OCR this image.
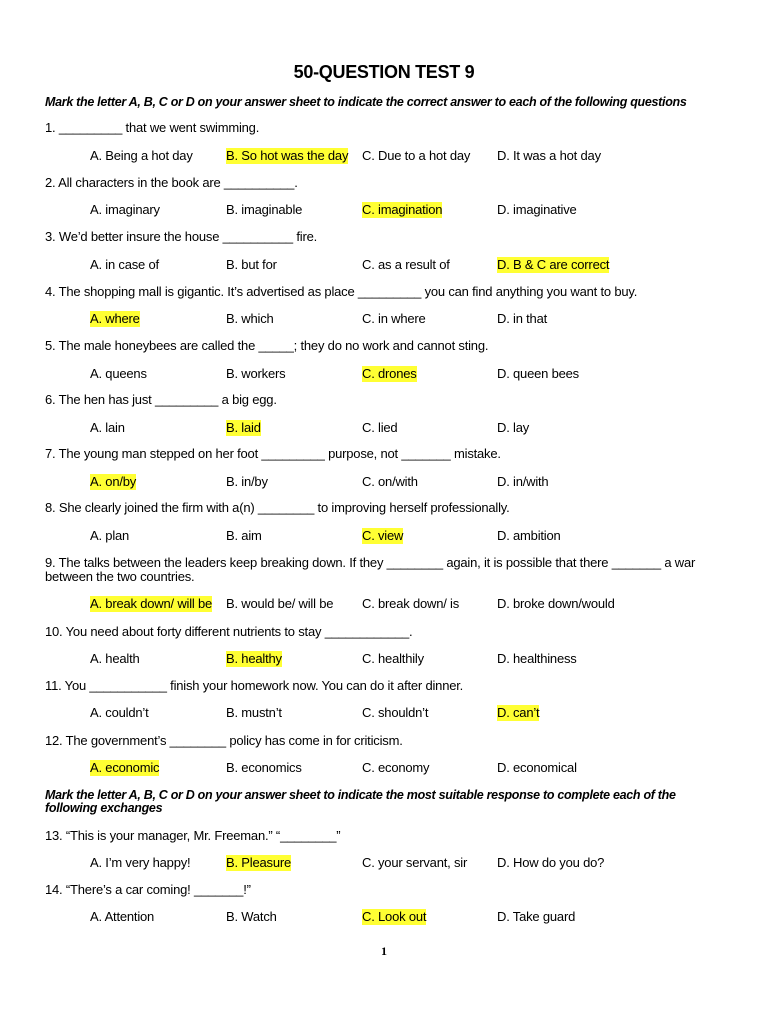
50-QUESTION TEST 9
Mark the letter A, B, C or D on your answer sheet to indicate the correct answer to each of the following questions
1. _________ that we went swimming.
A. Being a hot day	B. So hot was the day C. Due to a hot day D. It was a hot day
2. All characters in the book are __________.
A. imaginary	B. imaginable	C. imagination	D. imaginative
3. We’d better insure the house __________ fire.
A. in case of	B. but for	C. as a result of	D. B & C are correct
4. The shopping mall is gigantic. It’s advertised as place _________ you can find anything you want to buy.
A. where	B. which	C. in where	D. in that
5. The male honeybees are called the _____; they do no work and cannot sting.
A. queens	B. workers	C. drones	D. queen bees
6. The hen has just _________ a big egg.
A. lain	B. laid	C. lied	D. lay
7. The young man stepped on her foot _________ purpose, not _______ mistake.
A. on/by	B. in/by	C. on/with	D. in/with
8. She clearly joined the firm with a(n) ________ to improving herself professionally.
A. plan	B. aim	C. view	D. ambition
9. The talks between the leaders keep breaking down. If they ________ again, it is possible that there _______ a war between the two countries.
A. break down/ will be B. would be/ will be C. break down/ is	D. broke down/would
10. You need about forty different nutrients to stay ____________.
A. health	B. healthy	C. healthily	D. healthiness
11. You ___________ finish your homework now. You can do it after dinner.
A. couldn’t	B. mustn’t	C. shouldn’t	D. can’t
12. The government’s ________ policy has come in for criticism.
A. economic	B. economics	C. economy	D. economical
Mark the letter A, B, C or D on your answer sheet to indicate the most suitable response to complete each of the following exchanges
13. “This is your manager, Mr. Freeman.” “________”
A. I’m very happy!	B. Pleasure	C. your servant, sir D. How do you do?
14. “There’s a car coming! _______!”
A. Attention	B. Watch	C. Look out	D. Take guard
1
